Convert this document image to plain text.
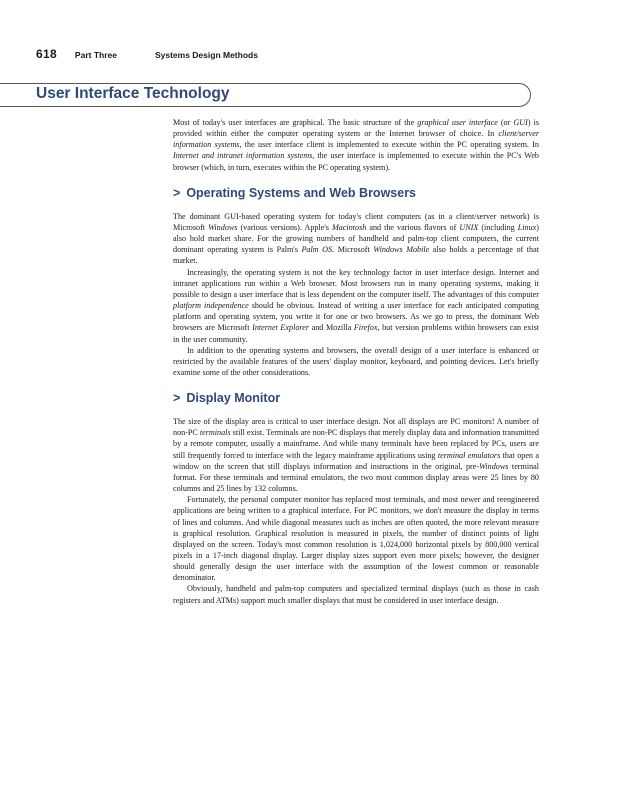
618 Part Three	Systems Design Methods
User Interface Technology

Most of today's user interfaces are graphical. The basic structure of the graphical user interface (or GUI) is provided within either the computer operating system or the Internet browser of choice. In client/server information systems, the user interface client is implemented to execute within the PC operating system. In Internet and intranet information systems, the user interface is implemented to execute within the PC's Web browser (which, in turn, executes within the PC operating system).

> Operating Systems and Web Browsers

The dominant GUI-based operating system for today's client computers (as in a client/server network) is Microsoft Windows (various versions). Apple's Macintosh and the various flavors of UNIX (including Linux) also hold market share. For the growing numbers of handheld and palm-top client computers, the current dominant operating system is Palm's Palm OS. Microsoft Windows Mobile also holds a percentage of that market.

Increasingly, the operating system is not the key technology factor in user interface design. Internet and intranet applications run within a Web browser. Most browsers run in many operating systems, making it possible to design a user interface that is less dependent on the computer itself. The advantages of this computer platform independence should be obvious. Instead of writing a user interface for each anticipated computing platform and operating system, you write it for one or two browsers. As we go to press, the dominant Web browsers are Microsoft Internet Explorer and Mozilla Firefox, but version problems within browsers can exist in the user community.

In addition to the operating systems and browsers, the overall design of a user interface is enhanced or restricted by the available features of the users' display monitor, keyboard, and pointing devices. Let's briefly examine some of the other considerations.

> Display Monitor

The size of the display area is critical to user interface design. Not all displays are PC monitors! A number of non-PC terminals still exist. Terminals are non-PC displays that merely display data and information transmitted by a remote computer, usually a mainframe. And while many terminals have been replaced by PCs, users are still frequently forced to interface with the legacy mainframe applications using terminal emulators that open a window on the screen that still displays information and instructions in the original, pre-Windows terminal format. For these terminals and terminal emulators, the two most common display areas were 25 lines by 80 columns and 25 lines by 132 columns.

Fortunately, the personal computer monitor has replaced most terminals, and most newer and reengineered applications are being written to a graphical interface. For PC monitors, we don't measure the display in terms of lines and columns. And while diagonal measures such as inches are often quoted, the more relevant measure is graphical resolution. Graphical resolution is measured in pixels, the number of distinct points of light displayed on the screen. Today's most common resolution is 1,024,000 horizontal pixels by 800,000 vertical pixels in a 17-inch diagonal display. Larger display sizes support even more pixels; however, the designer should generally design the user interface with the assumption of the lowest common or reasonable denominator.

Obviously, handheld and palm-top computers and specialized terminal displays (such as those in cash registers and ATMs) support much smaller displays that must be considered in user interface design.
